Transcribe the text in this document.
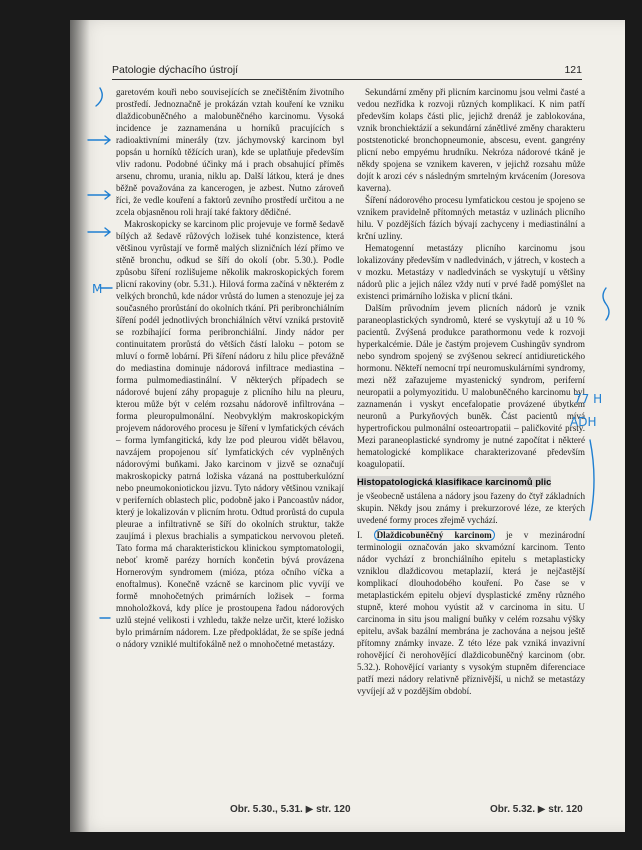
Patologie dýchacího ústrojí	121

garetovém kouři nebo souvisejících se znečištěním životního prostředí. Jednoznačně je prokázán vztah kouření ke vzniku dlaždicobuněčného a malobuněčného karcinomu. Vysoká incidence je zaznamenána u horníků pracujících s radioaktivními minerály (tzv. jáchymovský karcinom byl popsán u horníků těžících uran), kde se uplatňuje především vliv radonu. Podobné účinky má i prach obsahující příměs arsenu, chromu, urania, niklu ap. Další látkou, která je dnes běžně považována za kancerogen, je azbest. Nutno zároveň říci, že vedle kouření a faktorů zevního prostředí určitou a ne zcela objasněnou roli hrají také faktory dědičné.

Makroskopicky se karcinom plic projevuje ve formě šedavě bílých až šedavě růžových ložisek tuhé konzistence, která většinou vyrůstají ve formě malých slizničních lézí přímo ve stěně bronchu, odkud se šíří do okolí (obr. 5.30.). Podle způsobu šíření rozlišujeme několik makroskopických forem plicní rakoviny (obr. 5.31.). Hilová forma začíná v některém z velkých bronchů, kde nádor vrůstá do lumen a stenozuje jej za současného prorůstání do okolních tkání. Při peribronchiálním šíření podél jednotlivých bronchiálních větví vzniká prstovitě se rozbíhající forma peribronchiální. Jindy nádor per continuitatem prorůstá do větších částí laloku – potom se mluví o formě lobární. Při šíření nádoru z hilu plice převážně do mediastina dominuje nádorová infiltrace mediastina – forma pulmomediastinální. V některých případech se nádorové bujení záhy propaguje z plicního hilu na pleuru, kterou může být v celém rozsahu nádorově infiltrována – forma pleuropulmonální. Neobvyklým makroskopickým projevem nádorového procesu je šíření v lymfatických cévách – forma lymfangitická, kdy lze pod pleurou vidět bělavou, navzájem propojenou síť lymfatických cév vyplněných nádorovými buňkami. Jako karcinom v jizvě se označují makroskopicky patrná ložiska vázaná na posttuberkulózní nebo pneumokoniotickou jizvu. Tyto nádory většinou vznikají v periferních oblastech plic, podobně jako i Pancoastův nádor, který je lokalizován v plicním hrotu. Odtud prorůstá do cupula pleurae a infiltrativně se šíří do okolních struktur, takže zaujímá i plexus brachialis a sympatickou nervovou pleteň. Tato forma má charakteristickou klinickou symptomatologii, neboť kromě parézy horních končetin bývá provázena Hornerovým syndromem (mióza, ptóza očního víčka a enoftalmus). Konečně vzácně se karcinom plic vyvíjí ve formě mnohočetných primárních ložisek – forma mnoholožková, kdy plíce je prostoupena řadou nádorových uzlů stejné velikosti i vzhledu, takže nelze určit, které ložisko bylo primárním nádorem. Lze předpokládat, že se spíše jedná o nádory vzniklé multifokálně než o mnohočetné metastázy.

Sekundární změny při plicním karcinomu jsou velmi časté a vedou nezřídka k rozvoji různých komplikací. K nim patří především kolaps části plic, jejichž drenáž je zablokována, vznik bronchiektázií a sekundární zánětlivé změny charakteru poststenotické bronchopneumonie, abscesu, event. gangrény plicní nebo empyému hrudníku. Nekróza nádorové tkáně je někdy spojena se vznikem kaveren, v jejichž rozsahu může dojít k arozi cév s následným smrtelným krvácením (Joresova kaverna).

Šíření nádorového procesu lymfatickou cestou je spojeno se vznikem pravidelně přítomných metastáz v uzlinách plicního hilu. V pozdějších fázích bývají zachyceny i mediastinální a krční uzliny.

Hematogenní metastázy plicního karcinomu jsou lokalizovány především v nadledvinách, v játrech, v kostech a v mozku. Metastázy v nadledvinách se vyskytují u většiny nádorů plic a jejich nález vždy nutí v prvé řadě pomýšlet na existenci primárního ložiska v plicní tkáni.

Dalším průvodním jevem plicních nádorů je vznik paraneoplastických syndromů, které se vyskytují až u 10 % pacientů. Zvýšená produkce parathormonu vede k rozvoji hyperkalcémie. Dále je častým projevem Cushingův syndrom nebo syndrom spojený se zvýšenou sekrecí antidiuretického hormonu. Někteří nemocní trpí neuromuskulárními syndromy, mezi něž zařazujeme myastenický syndrom, periferní neuropatii a polymyozitidu. U malobuněčného karcinomu byl zaznamenán i vyskyt encefalopatie provázené úbytkem neuronů a Purkyňových buněk. Část pacientů mívá hypertrofickou pulmonální osteoartropatii – paličkovité prsty. Mezi paraneoplastické syndromy je nutné započítat i některé hematologické komplikace charakterizované především koagulopatií.

Histopatologická klasifikace karcinomů plic

je všeobecně ustálena a nádory jsou řazeny do čtyř základních skupin. Někdy jsou známy i prekurzorové léze, ze kterých uvedené formy proces zřejmě vychází.

I. Dlaždicobuněčný karcinom je v mezinárodní terminologii označován jako skvamózní karcinom. Tento nádor vychází z bronchiálního epitelu s metaplasticky vzniklou dlaždicovou metaplazií, která je nejčastější komplikací dlouhodobého kouření. Po čase se v metaplastickém epitelu objeví dysplastické změny různého stupně, které mohou vyústit až v carcinoma in situ. U carcinoma in situ jsou maligní buňky v celém rozsahu výšky epitelu, avšak bazální membrána je zachována a nejsou ještě přítomny známky invaze. Z této léze pak vzniká invazivní rohovějící či nerohovějící dlaždicobuněčný karcinom (obr. 5.32.). Rohovějící varianty s vysokým stupněm diferenciace patří mezi nádory relativně příznivější, u nichž se metastázy vyvíjejí až v pozdějším období.

Obr. 5.30., 5.31. ▶ str. 120	Obr. 5.32. ▶ str. 120
M
77 H
ADH
